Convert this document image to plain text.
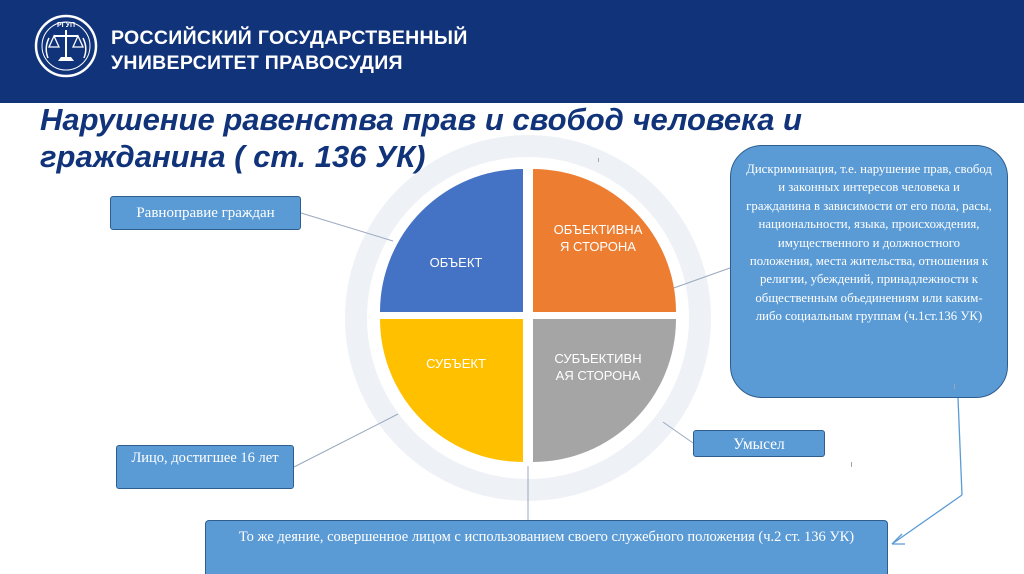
РГУП
РОССИЙСКИЙ ГОСУДАРСТВЕННЫЙ
УНИВЕРСИТЕТ ПРАВОСУДИЯ
Нарушение равенства прав и свобод человека и
гражданина ( ст. 136 УК)
ОБЪЕКТ
ОБЪЕКТИВНА
Я СТОРОНА
СУБЪЕКТ	СУБЪЕКТИВН
АЯ СТОРОНА
Равноправие граждан
Лицо, достигшее 16 лет
Умысел
Дискриминация, т.е. нарушение прав, свобод и законных интересов человека и гражданина в зависимости от его пола, расы, национальности, языка, происхождения, имущественного и должностного положения, места жительства, отношения к религии, убеждений, принадлежности к общественным объединениям или каким-либо социальным группам (ч.1ст.136 УК)
То же деяние, совершенное лицом с использованием своего служебного положения (ч.2 ст. 136 УК)
